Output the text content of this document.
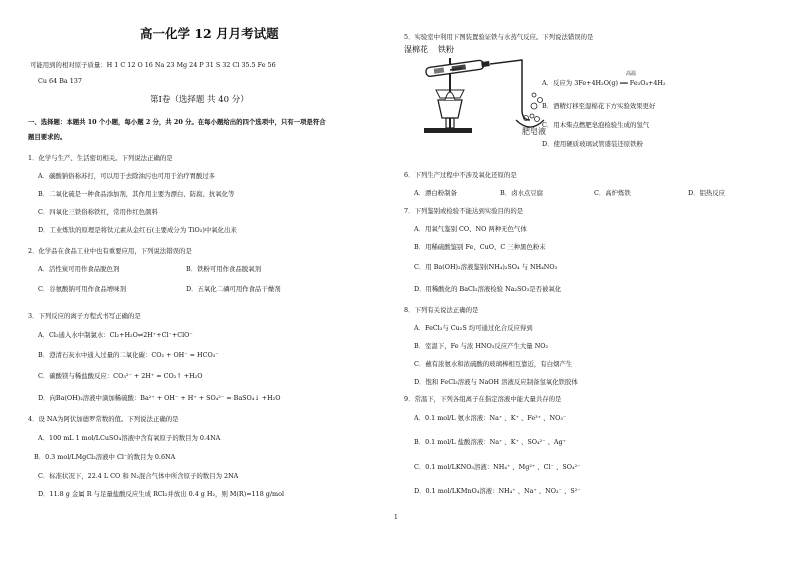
高一化学 12 月月考试题
可能用到的相对原子质量：H 1 C 12 O 16 Na 23 Mg 24 P 31 S 32 Cl 35.5 Fe 56
Cu 64 Ba 137
第Ⅰ卷（选择题 共 40 分）
一、选择题：本题共 10 个小题，每小题 2 分，共 20 分。在每小题给出的四个选项中，只有一项是符合
题目要求的。
1．化学与生产、生活密切相关。下列说法正确的是
A．碳酸钠俗称苏打，可以用于去除油污也可用于治疗胃酸过多
B．二氧化硫是一种食品添加剂，其作用主要为漂白、防腐、抗氧化等
C．四氧化三铁俗称铁红，常用作红色颜料
D．工业炼钛的原理是将钛元素从金红石(主要成分为 TiO₂)中氧化出来
2．化学品在食品工业中也有重要应用，下列说法错误的是
A．活性炭可用作食品脱色剂	B．铁粉可用作食品脱氧剂
C．谷氨酸钠可用作食品增味剂	D．五氧化二磷可用作食品干燥剂
3．下列反应的离子方程式书写正确的是
A．Cl₂通入水中制氯水：Cl₂+H₂O⇌2H⁺+Cl⁻+ClO⁻
B．澄清石灰水中通入过量的二氧化碳：CO₂ + OH⁻ = HCO₃⁻
C．碳酸镁与稀盐酸反应：CO₃²⁻ + 2H⁺ = CO₂↑ +H₂O
D．向Ba(OH)₂溶液中滴加稀硫酸：Ba²⁺ + OH⁻ + H⁺ + SO₄²⁻ = BaSO₄↓ +H₂O
4．设 NA为阿伏加德罗常数的值。下列说法正确的是
A．100 mL 1 mol/LCuSO₄溶液中含有氧原子的数目为 0.4NA
B．0.3 mol/LMgCl₂溶液中 Cl⁻的数目为 0.6NA
C．标准状况下，22.4 L CO 和 N₂混合气体中所含原子的数目为 2NA
D．11.8 g 金属 R 与足量盐酸反应生成 RCl₂并放出 0.4 g H₂，则 M(R)=118 g/mol
5．实验室中利用下图装置验证铁与水蒸气反应。下列说法错误的是
湿棉花 铁粉
肥皂液
高温
A．反应为 3Fe+4H₂O(g) ══ Fe₃O₄+4H₂
B．酒精灯移至湿棉花下方实验效果更好
C．用木柴点燃肥皂泡检验生成的氢气
D．使用硬质玻璃试管盛装还原铁粉
6．下列生产过程中不涉及氧化还原的是
A．漂白粉制备	B．卤水点豆腐	C．高炉炼铁	D．铝热反应
7．下列鉴别或检验不能达到实验目的的是
A．用氧气鉴别 CO、NO 两种无色气体
B．用稀硫酸鉴别 Fe、CuO、C 三种黑色粉末
C．用 Ba(OH)₂溶液鉴别(NH₄)₂SO₄ 与 NH₄NO₃
D．用稀酸化的 BaCl₂溶液检验 Na₂SO₃是否被氧化
8．下列有关说法正确的是
A．FeCl₃与 Cu₂S 均可通过化合反应得到
B．室温下，Fe 与浓 HNO₃反应产生大量 NO₂
C．蘸有浓氨水和浓硫酸的玻璃棒相互靠近，有白烟产生
D．饱和 FeCl₃溶液与 NaOH 溶液反应制备氢氧化铁胶体
9．常温下，下列各组离子在指定溶液中能大量共存的是
A．0.1 mol/L 氨水溶液：Na⁺ 、K⁺ 、Fe³⁺ 、NO₃⁻
B．0.1 mol/L 盐酸溶液：Na⁺ 、K⁺ 、SO₄²⁻ 、Ag⁺
C．0.1 mol/LKNO₃溶液：NH₄⁺ 、Mg²⁺ 、Cl⁻ 、SO₄²⁻
D．0.1 mol/LKMnO₄溶液：NH₄⁺ 、Na⁺ 、NO₃⁻ 、S²⁻
1
